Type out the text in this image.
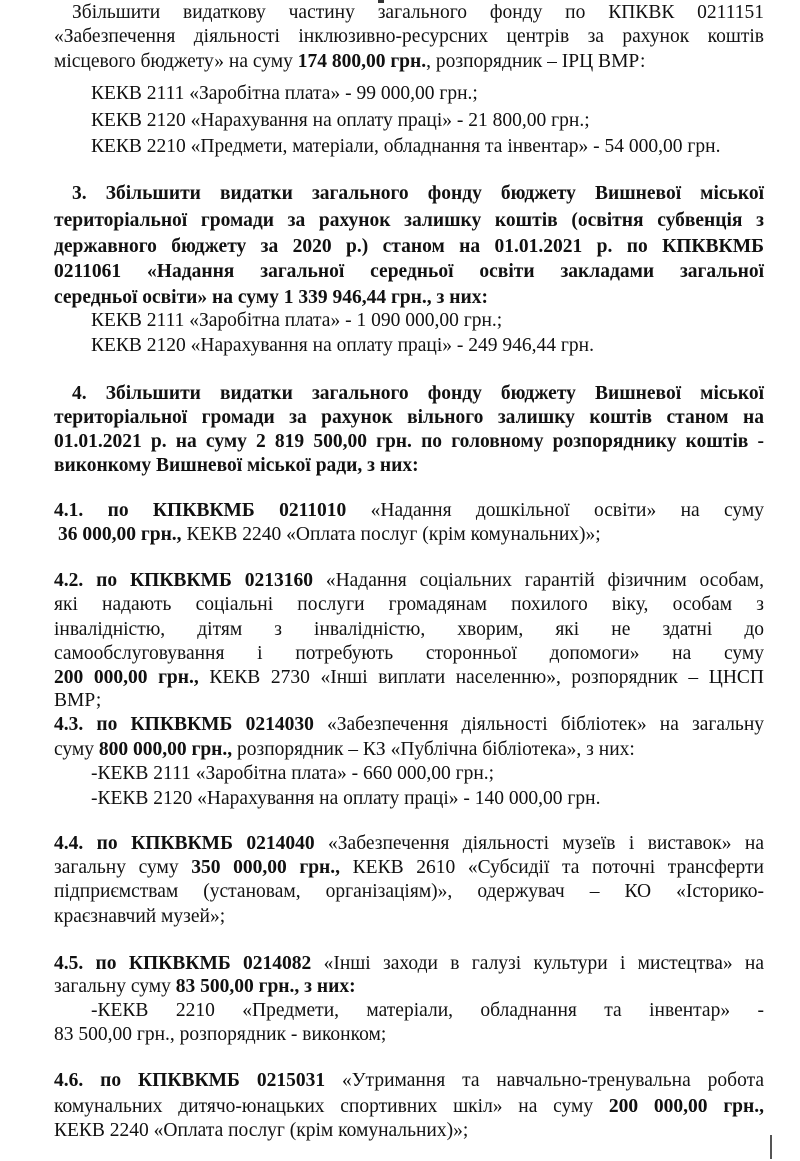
Збільшити видаткову частину загального фонду по КПКВК 0211151
«Забезпечення діяльності інклюзивно-ресурсних центрів за рахунок коштів
місцевого бюджету» на суму 174 800,00 грн., розпорядник – ІРЦ ВМР:
КЕКВ 2111 «Заробітна плата» - 99 000,00 грн.;
КЕКВ 2120 «Нарахування на оплату праці» - 21 800,00 грн.;
КЕКВ 2210 «Предмети, матеріали, обладнання та інвентар» - 54 000,00 грн.
3. Збільшити видатки загального фонду бюджету Вишневої міської
територіальної громади за рахунок залишку коштів (освітня субвенція з
державного бюджету за 2020 р.) станом на 01.01.2021 р. по КПКВКМБ
0211061 «Надання загальної середньої освіти закладами загальної
середньої освіти» на суму 1 339 946,44 грн., з них:
КЕКВ 2111 «Заробітна плата» - 1 090 000,00 грн.;
КЕКВ 2120 «Нарахування на оплату праці» - 249 946,44 грн.
4. Збільшити видатки загального фонду бюджету Вишневої міської
територіальної громади за рахунок вільного залишку коштів станом на
01.01.2021 р. на суму 2 819 500,00 грн. по головному розпоряднику коштів -
виконкому Вишневої міської ради, з них:
4.1. по КПКВКМБ 0211010 «Надання дошкільної освіти» на суму
36 000,00 грн., КЕКВ 2240 «Оплата послуг (крім комунальних)»;
4.2. по КПКВКМБ 0213160 «Надання соціальних гарантій фізичним особам,
які надають соціальні послуги громадянам похилого віку, особам з
інвалідністю, дітям з інвалідністю, хворим, які не здатні до
самообслуговування і потребують сторонньої допомоги» на суму
200 000,00 грн., КЕКВ 2730 «Інші виплати населенню», розпорядник – ЦНСП
ВМР;
4.3. по КПКВКМБ 0214030 «Забезпечення діяльності бібліотек» на загальну
суму 800 000,00 грн., розпорядник – КЗ «Публічна бібліотека», з них:
-КЕКВ 2111 «Заробітна плата» - 660 000,00 грн.;
-КЕКВ 2120 «Нарахування на оплату праці» - 140 000,00 грн.
4.4. по КПКВКМБ 0214040 «Забезпечення діяльності музеїв і виставок» на
загальну суму 350 000,00 грн., КЕКВ 2610 «Субсидії та поточні трансферти
підприємствам (установам, організаціям)», одержувач – КО «Історико-
краєзнавчий музей»;
4.5. по КПКВКМБ 0214082 «Інші заходи в галузі культури і мистецтва» на
загальну суму 83 500,00 грн., з них:
-КЕКВ 2210 «Предмети, матеріали, обладнання та інвентар» -
83 500,00 грн., розпорядник - виконком;
4.6. по КПКВКМБ 0215031 «Утримання та навчально-тренувальна робота
комунальних дитячо-юнацьких спортивних шкіл» на суму 200 000,00 грн.,
КЕКВ 2240 «Оплата послуг (крім комунальних)»;
